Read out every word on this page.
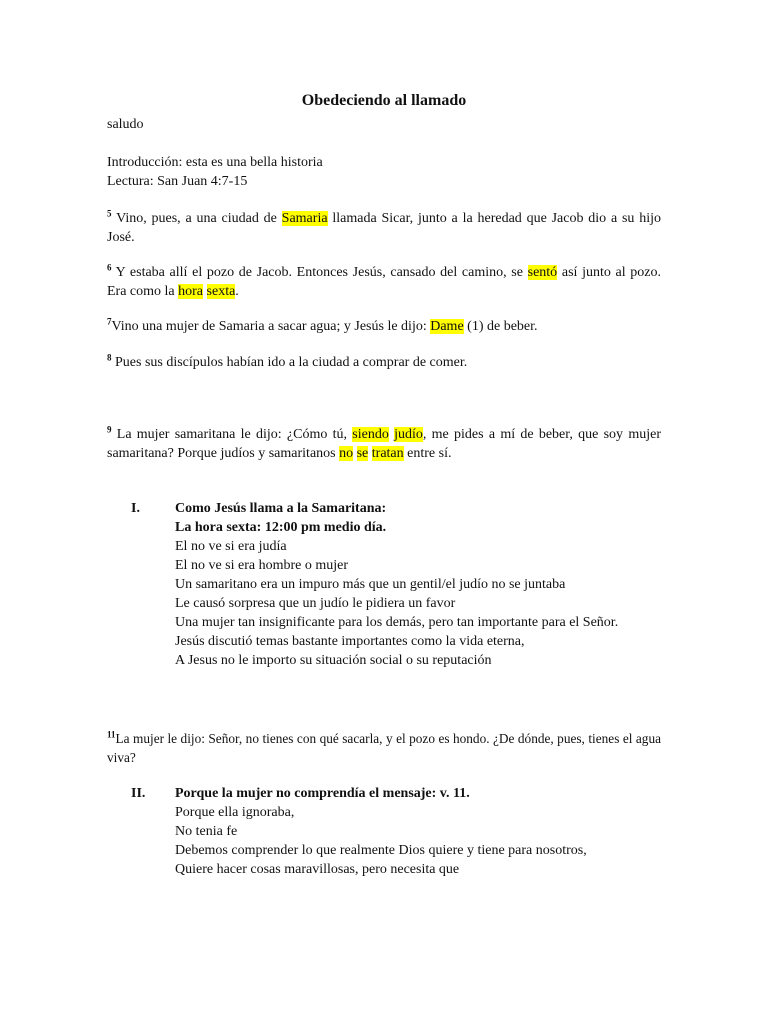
Obedeciendo al llamado
saludo
Introducción: esta es una bella historia
Lectura: San Juan 4:7-15
$^5$ Vino, pues, a una ciudad de Samaria llamada Sicar, junto a la heredad que Jacob dio a su hijo José.
$^6$ Y estaba allí el pozo de Jacob. Entonces Jesús, cansado del camino, se sentó así junto al pozo. Era como la hora sexta.
$^7$Vino una mujer de Samaria a sacar agua; y Jesús le dijo: Dame (1) de beber.
$^8$ Pues sus discípulos habían ido a la ciudad a comprar de comer.
$^9$ La mujer samaritana le dijo: ¿Cómo tú, siendo judío, me pides a mí de beber, que soy mujer samaritana? Porque judíos y samaritanos no se tratan entre sí.
I.	Como Jesús llama a la Samaritana:
La hora sexta: 12:00 pm medio día.
El no ve si era judía
El no ve si era hombre o mujer
Un samaritano era un impuro más que un gentil/el judío no se juntaba
Le causó sorpresa que un judío le pidiera un favor
Una mujer tan insignificante para los demás, pero tan importante para el Señor.
Jesús discutió temas bastante importantes como la vida eterna,
A Jesus no le importo su situación social o su reputación
$^{11}$La mujer le dijo: Señor, no tienes con qué sacarla, y el pozo es hondo. ¿De dónde, pues, tienes el agua viva?
II. Porque la mujer no comprendía el mensaje: v. 11.
Porque ella ignoraba,
No tenia fe
Debemos comprender lo que realmente Dios quiere y tiene para nosotros,
Quiere hacer cosas maravillosas, pero necesita que
